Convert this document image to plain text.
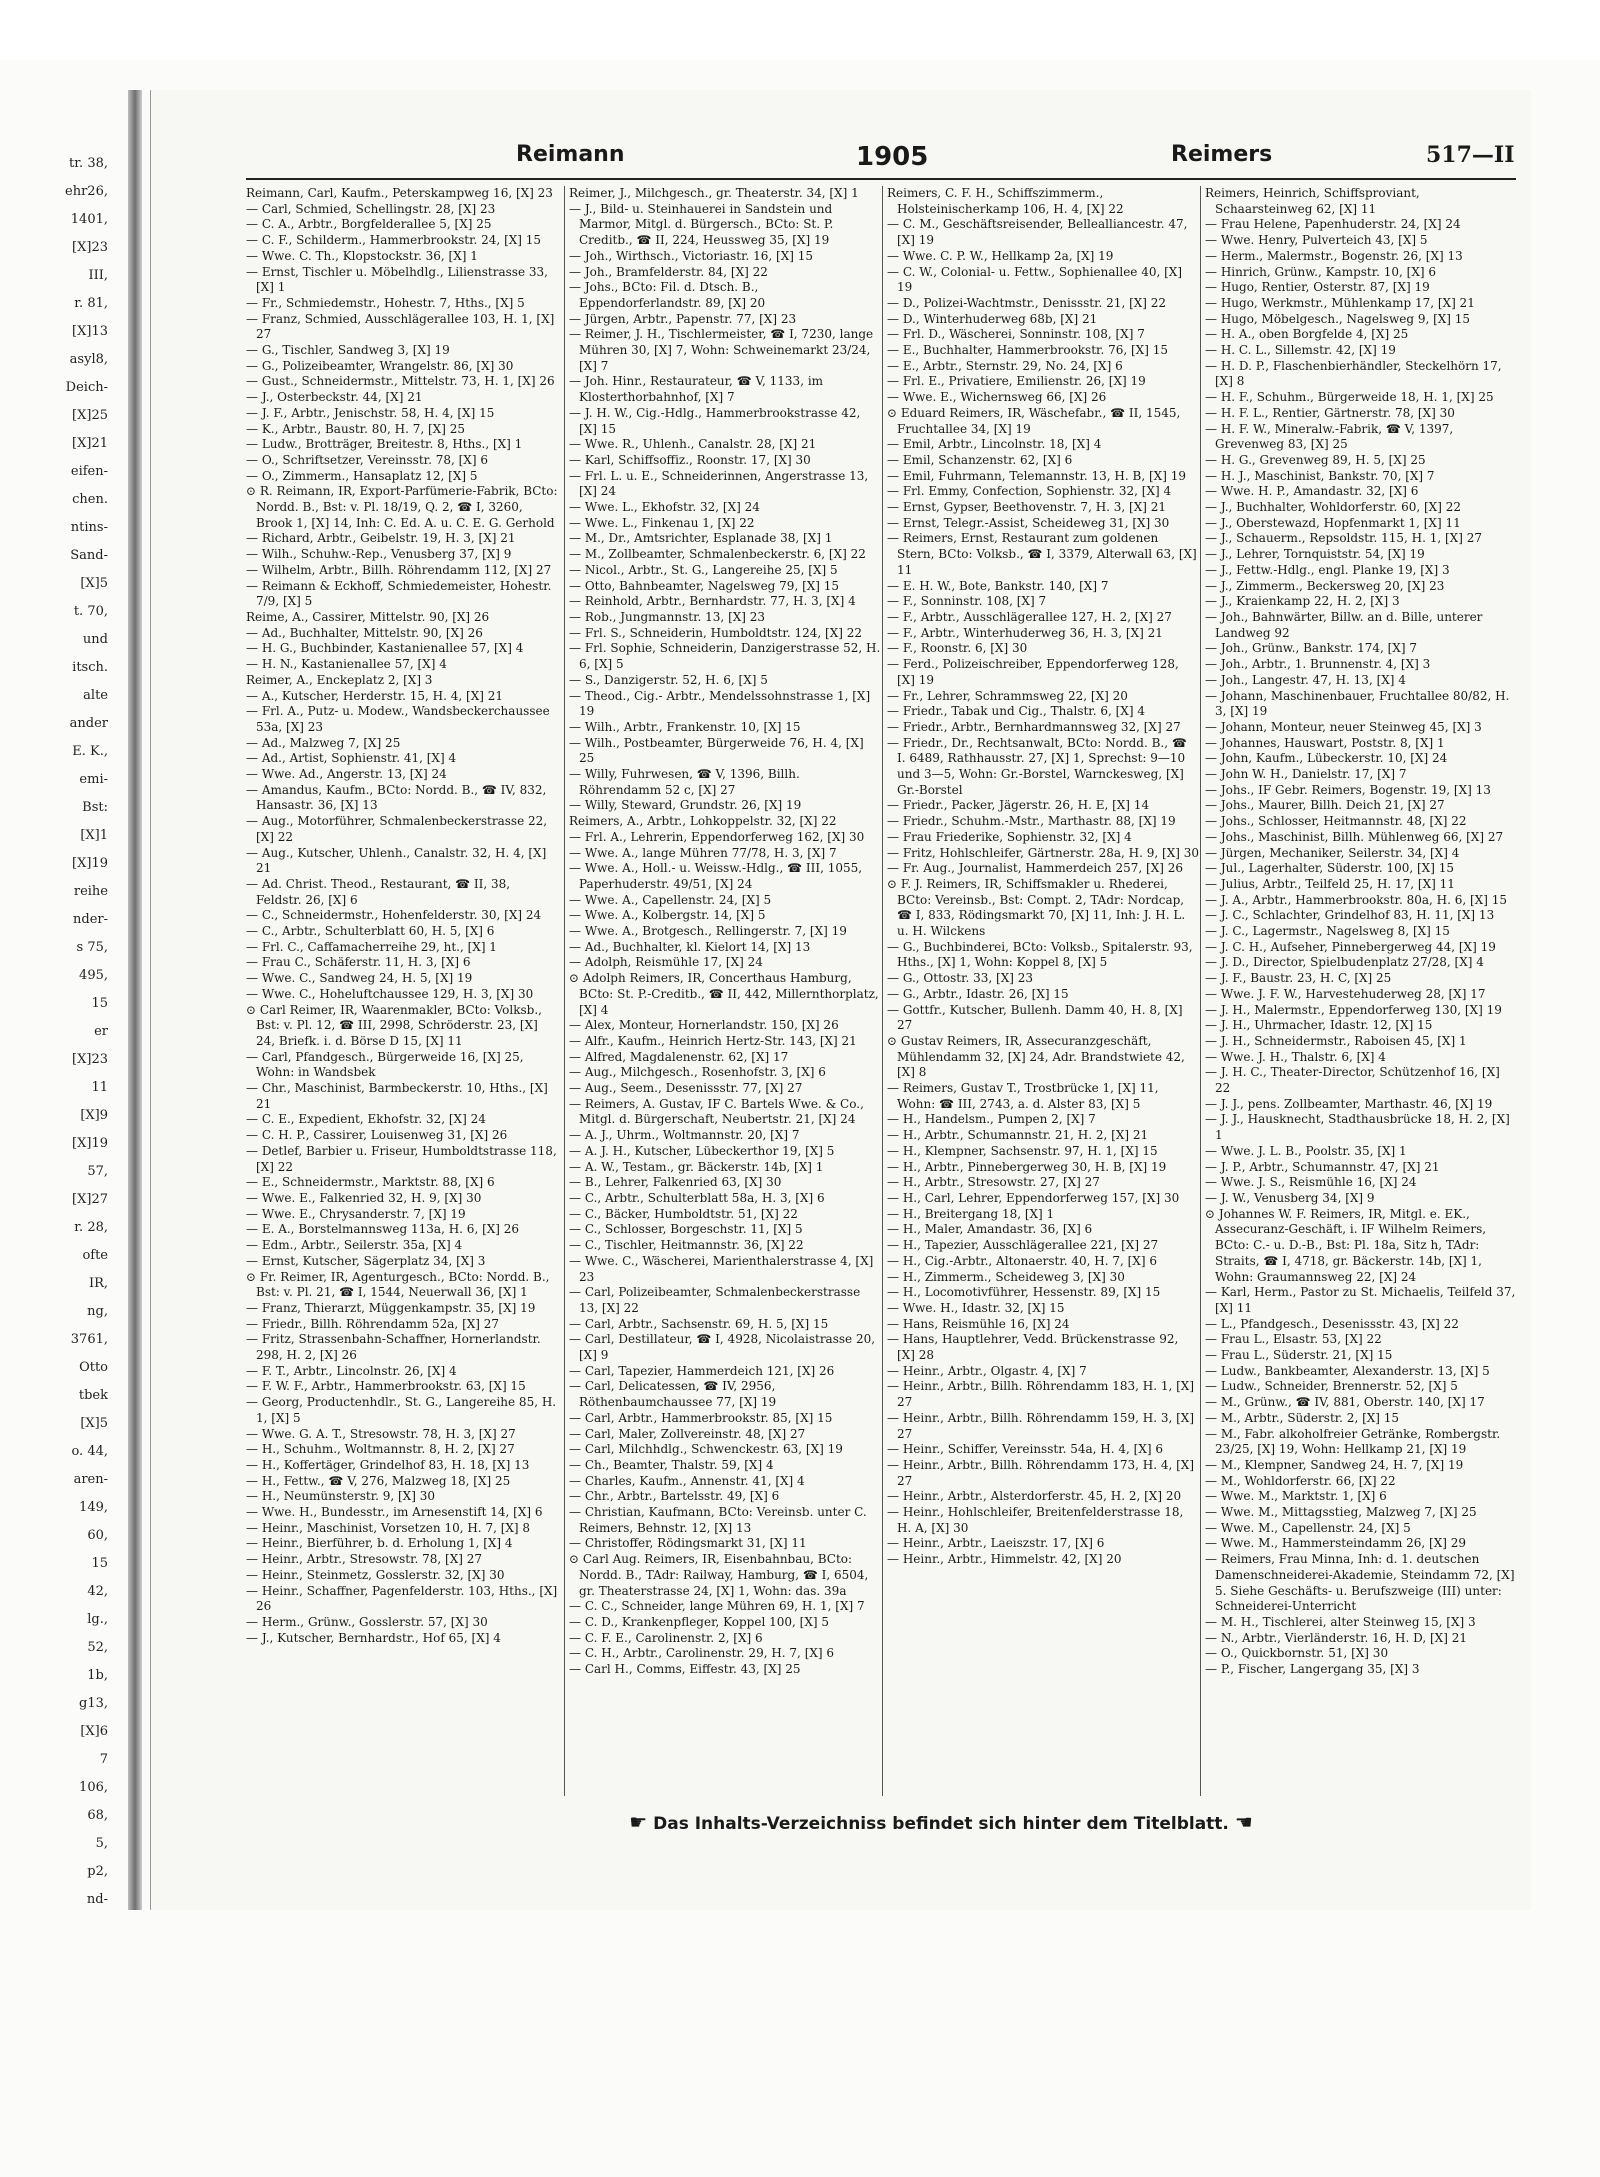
tr. 38,
ehr26,
1401,
[X]23
III,
r. 81,
[X]13
asyl8,
Deich-
[X]25
[X]21
eifen-
chen.
ntins-
Sand-
[X]5
t. 70,
und
itsch.
alte
ander
E. K.,
emi-
Bst:
[X]1
[X]19
reihe
nder-
s 75,
495,
15
er
[X]23
11
[X]9
[X]19
57,
[X]27
r. 28,
ofte
IR,
ng,
3761,
Otto
tbek
[X]5
o. 44,
aren-
149,
60,
15
42,
lg.,
52,
1b,
g13,
[X]6
7
106,
68,
5,
p2,
nd-
Reimann	1905	Reimers	517—II

Reimann, Carl, Kaufm., Peterskampweg 16, [X] 23

— Carl, Schmied, Schellingstr. 28, [X] 23

— C. A., Arbtr., Borgfelderallee 5, [X] 25

— C. F., Schilderm., Hammerbrookstr. 24, [X] 15

— Wwe. C. Th., Klopstockstr. 36, [X] 1

— Ernst, Tischler u. Möbelhdlg., Lilienstrasse 33, [X] 1

— Fr., Schmiedemstr., Hohestr. 7, Hths., [X] 5

— Franz, Schmied, Ausschlägerallee 103, H. 1, [X] 27

— G., Tischler, Sandweg 3, [X] 19

— G., Polizeibeamter, Wrangelstr. 86, [X] 30

— Gust., Schneidermstr., Mittelstr. 73, H. 1, [X] 26

— J., Osterbeckstr. 44, [X] 21

— J. F., Arbtr., Jenischstr. 58, H. 4, [X] 15

— K., Arbtr., Baustr. 80, H. 7, [X] 25

— Ludw., Brotträger, Breitestr. 8, Hths., [X] 1

— O., Schriftsetzer, Vereinsstr. 78, [X] 6

— O., Zimmerm., Hansaplatz 12, [X] 5

⊙ R. Reimann, IR, Export-Parfümerie-Fabrik, BCto: Nordd. B., Bst: v. Pl. 18/19, Q. 2, ☎ I, 3260, Brook 1, [X] 14, Inh: C. Ed. A. u. C. E. G. Gerhold

— Richard, Arbtr., Geibelstr. 19, H. 3, [X] 21

— Wilh., Schuhw.-Rep., Venusberg 37, [X] 9

— Wilhelm, Arbtr., Billh. Röhrendamm 112, [X] 27

— Reimann & Eckhoff, Schmiedemeister, Hohestr. 7/9, [X] 5

Reime, A., Cassirer, Mittelstr. 90, [X] 26

— Ad., Buchhalter, Mittelstr. 90, [X] 26

— H. G., Buchbinder, Kastanienallee 57, [X] 4

— H. N., Kastanienallee 57, [X] 4

Reimer, A., Enckeplatz 2, [X] 3

— A., Kutscher, Herderstr. 15, H. 4, [X] 21

— Frl. A., Putz- u. Modew., Wandsbeckerchaussee 53a, [X] 23

— Ad., Malzweg 7, [X] 25

— Ad., Artist, Sophienstr. 41, [X] 4

— Wwe. Ad., Angerstr. 13, [X] 24

— Amandus, Kaufm., BCto: Nordd. B., ☎ IV, 832, Hansastr. 36, [X] 13

— Aug., Motorführer, Schmalenbeckerstrasse 22, [X] 22

— Aug., Kutscher, Uhlenh., Canalstr. 32, H. 4, [X] 21

— Ad. Christ. Theod., Restaurant, ☎ II, 38, Feldstr. 26, [X] 6

— C., Schneidermstr., Hohenfelderstr. 30, [X] 24

— C., Arbtr., Schulterblatt 60, H. 5, [X] 6

— Frl. C., Caffamacherreihe 29, ht., [X] 1

— Frau C., Schäferstr. 11, H. 3, [X] 6

— Wwe. C., Sandweg 24, H. 5, [X] 19

— Wwe. C., Hoheluftchaussee 129, H. 3, [X] 30

⊙ Carl Reimer, IR, Waarenmakler, BCto: Volksb., Bst: v. Pl. 12, ☎ III, 2998, Schröderstr. 23, [X] 24, Briefk. i. d. Börse D 15, [X] 11

— Carl, Pfandgesch., Bürgerweide 16, [X] 25, Wohn: in Wandsbek

— Chr., Maschinist, Barmbeckerstr. 10, Hths., [X] 21

— C. E., Expedient, Ekhofstr. 32, [X] 24

— C. H. P., Cassirer, Louisenweg 31, [X] 26

— Detlef, Barbier u. Friseur, Humboldtstrasse 118, [X] 22

— E., Schneidermstr., Marktstr. 88, [X] 6

— Wwe. E., Falkenried 32, H. 9, [X] 30

— Wwe. E., Chrysanderstr. 7, [X] 19

— E. A., Borstelmannsweg 113a, H. 6, [X] 26

— Edm., Arbtr., Seilerstr. 35a, [X] 4

— Ernst, Kutscher, Sägerplatz 34, [X] 3

⊙ Fr. Reimer, IR, Agenturgesch., BCto: Nordd. B., Bst: v. Pl. 21, ☎ I, 1544, Neuerwall 36, [X] 1

— Franz, Thierarzt, Müggenkampstr. 35, [X] 19

— Friedr., Billh. Röhrendamm 52a, [X] 27

— Fritz, Strassenbahn-Schaffner, Hornerlandstr. 298, H. 2, [X] 26

— F. T., Arbtr., Lincolnstr. 26, [X] 4

— F. W. F., Arbtr., Hammerbrookstr. 63, [X] 15

— Georg, Productenhdlr., St. G., Langereihe 85, H. 1, [X] 5

— Wwe. G. A. T., Stresowstr. 78, H. 3, [X] 27

— H., Schuhm., Woltmannstr. 8, H. 2, [X] 27

— H., Koffertäger, Grindelhof 83, H. 18, [X] 13

— H., Fettw., ☎ V, 276, Malzweg 18, [X] 25

— H., Neumünsterstr. 9, [X] 30

— Wwe. H., Bundesstr., im Arnesenstift 14, [X] 6

— Heinr., Maschinist, Vorsetzen 10, H. 7, [X] 8

— Heinr., Bierführer, b. d. Erholung 1, [X] 4

— Heinr., Arbtr., Stresowstr. 78, [X] 27

— Heinr., Steinmetz, Gosslerstr. 32, [X] 30

— Heinr., Schaffner, Pagenfelderstr. 103, Hths., [X] 26

— Herm., Grünw., Gosslerstr. 57, [X] 30

— J., Kutscher, Bernhardstr., Hof 65, [X] 4

Reimer, J., Milchgesch., gr. Theaterstr. 34, [X] 1

— J., Bild- u. Steinhauerei in Sandstein und Marmor, Mitgl. d. Bürgersch., BCto: St. P. Creditb., ☎ II, 224, Heussweg 35, [X] 19

— Joh., Wirthsch., Victoriastr. 16, [X] 15

— Joh., Bramfelderstr. 84, [X] 22

— Johs., BCto: Fil. d. Dtsch. B., Eppendorferlandstr. 89, [X] 20

— Jürgen, Arbtr., Papenstr. 77, [X] 23

— Reimer, J. H., Tischlermeister, ☎ I, 7230, lange Mühren 30, [X] 7, Wohn: Schweinemarkt 23/24, [X] 7

— Joh. Hinr., Restaurateur, ☎ V, 1133, im Klosterthorbahnhof, [X] 7

— J. H. W., Cig.-Hdlg., Hammerbrookstrasse 42, [X] 15

— Wwe. R., Uhlenh., Canalstr. 28, [X] 21

— Karl, Schiffsoffiz., Roonstr. 17, [X] 30

— Frl. L. u. E., Schneiderinnen, Angerstrasse 13, [X] 24

— Wwe. L., Ekhofstr. 32, [X] 24

— Wwe. L., Finkenau 1, [X] 22

— M., Dr., Amtsrichter, Esplanade 38, [X] 1

— M., Zollbeamter, Schmalenbeckerstr. 6, [X] 22

— Nicol., Arbtr., St. G., Langereihe 25, [X] 5

— Otto, Bahnbeamter, Nagelsweg 79, [X] 15

— Reinhold, Arbtr., Bernhardstr. 77, H. 3, [X] 4

— Rob., Jungmannstr. 13, [X] 23

— Frl. S., Schneiderin, Humboldtstr. 124, [X] 22

— Frl. Sophie, Schneiderin, Danzigerstrasse 52, H. 6, [X] 5

— S., Danzigerstr. 52, H. 6, [X] 5

— Theod., Cig.- Arbtr., Mendelssohnstrasse 1, [X] 19

— Wilh., Arbtr., Frankenstr. 10, [X] 15

— Wilh., Postbeamter, Bürgerweide 76, H. 4, [X] 25

— Willy, Fuhrwesen, ☎ V, 1396, Billh. Röhrendamm 52 c, [X] 27

— Willy, Steward, Grundstr. 26, [X] 19

Reimers, A., Arbtr., Lohkoppelstr. 32, [X] 22

— Frl. A., Lehrerin, Eppendorferweg 162, [X] 30

— Wwe. A., lange Mühren 77/78, H. 3, [X] 7

— Wwe. A., Holl.- u. Weissw.-Hdlg., ☎ III, 1055, Paperhuderstr. 49/51, [X] 24

— Wwe. A., Capellenstr. 24, [X] 5

— Wwe. A., Kolbergstr. 14, [X] 5

— Wwe. A., Brotgesch., Rellingerstr. 7, [X] 19

— Ad., Buchhalter, kl. Kielort 14, [X] 13

— Adolph, Reismühle 17, [X] 24

⊙ Adolph Reimers, IR, Concerthaus Hamburg, BCto: St. P.-Creditb., ☎ II, 442, Millernthorplatz, [X] 4

— Alex, Monteur, Hornerlandstr. 150, [X] 26

— Alfr., Kaufm., Heinrich Hertz-Str. 143, [X] 21

— Alfred, Magdalenenstr. 62, [X] 17

— Aug., Milchgesch., Rosenhofstr. 3, [X] 6

— Aug., Seem., Desenissstr. 77, [X] 27

— Reimers, A. Gustav, IF C. Bartels Wwe. & Co., Mitgl. d. Bürgerschaft, Neubertstr. 21, [X] 24

— A. J., Uhrm., Woltmannstr. 20, [X] 7

— A. J. H., Kutscher, Lübeckerthor 19, [X] 5

— A. W., Testam., gr. Bäckerstr. 14b, [X] 1

— B., Lehrer, Falkenried 63, [X] 30

— C., Arbtr., Schulterblatt 58a, H. 3, [X] 6

— C., Bäcker, Humboldtstr. 51, [X] 22

— C., Schlosser, Borgeschstr. 11, [X] 5

— C., Tischler, Heitmannstr. 36, [X] 22

— Wwe. C., Wäscherei, Marienthalerstrasse 4, [X] 23

— Carl, Polizeibeamter, Schmalenbeckerstrasse 13, [X] 22

— Carl, Arbtr., Sachsenstr. 69, H. 5, [X] 15

— Carl, Destillateur, ☎ I, 4928, Nicolaistrasse 20, [X] 9

— Carl, Tapezier, Hammerdeich 121, [X] 26

— Carl, Delicatessen, ☎ IV, 2956, Röthenbaumchaussee 77, [X] 19

— Carl, Arbtr., Hammerbrookstr. 85, [X] 15

— Carl, Maler, Zollvereinstr. 48, [X] 27

— Carl, Milchhdlg., Schwenckestr. 63, [X] 19

— Ch., Beamter, Thalstr. 59, [X] 4

— Charles, Kaufm., Annenstr. 41, [X] 4

— Chr., Arbtr., Bartelsstr. 49, [X] 6

— Christian, Kaufmann, BCto: Vereinsb. unter C. Reimers, Behnstr. 12, [X] 13

— Christoffer, Rödingsmarkt 31, [X] 11

⊙ Carl Aug. Reimers, IR, Eisenbahnbau, BCto: Nordd. B., TAdr: Railway, Hamburg, ☎ I, 6504, gr. Theaterstrasse 24, [X] 1, Wohn: das. 39a

— C. C., Schneider, lange Mühren 69, H. 1, [X] 7

— C. D., Krankenpfleger, Koppel 100, [X] 5

— C. F. E., Carolinenstr. 2, [X] 6

— C. H., Arbtr., Carolinenstr. 29, H. 7, [X] 6

— Carl H., Comms, Eiffestr. 43, [X] 25

Reimers, C. F. H., Schiffszimmerm., Holsteinischerkamp 106, H. 4, [X] 22

— C. M., Geschäftsreisender, Bellealliancestr. 47, [X] 19

— Wwe. C. P. W., Hellkamp 2a, [X] 19

— C. W., Colonial- u. Fettw., Sophienallee 40, [X] 19

— D., Polizei-Wachtmstr., Denissstr. 21, [X] 22

— D., Winterhuderweg 68b, [X] 21

— Frl. D., Wäscherei, Sonninstr. 108, [X] 7

— E., Buchhalter, Hammerbrookstr. 76, [X] 15

— E., Arbtr., Sternstr. 29, No. 24, [X] 6

— Frl. E., Privatiere, Emilienstr. 26, [X] 19

— Wwe. E., Wichernsweg 66, [X] 26

⊙ Eduard Reimers, IR, Wäschefabr., ☎ II, 1545, Fruchtallee 34, [X] 19

— Emil, Arbtr., Lincolnstr. 18, [X] 4

— Emil, Schanzenstr. 62, [X] 6

— Emil, Fuhrmann, Telemannstr. 13, H. B, [X] 19

— Frl. Emmy, Confection, Sophienstr. 32, [X] 4

— Ernst, Gypser, Beethovenstr. 7, H. 3, [X] 21

— Ernst, Telegr.-Assist, Scheideweg 31, [X] 30

— Reimers, Ernst, Restaurant zum goldenen Stern, BCto: Volksb., ☎ I, 3379, Alterwall 63, [X] 11

— E. H. W., Bote, Bankstr. 140, [X] 7

— F., Sonninstr. 108, [X] 7

— F., Arbtr., Ausschlägerallee 127, H. 2, [X] 27

— F., Arbtr., Winterhuderweg 36, H. 3, [X] 21

— F., Roonstr. 6, [X] 30

— Ferd., Polizeischreiber, Eppendorferweg 128, [X] 19

— Fr., Lehrer, Schrammsweg 22, [X] 20

— Friedr., Tabak und Cig., Thalstr. 6, [X] 4

— Friedr., Arbtr., Bernhardmannsweg 32, [X] 27

— Friedr., Dr., Rechtsanwalt, BCto: Nordd. B., ☎ I. 6489, Rathhausstr. 27, [X] 1, Sprechst: 9—10 und 3—5, Wohn: Gr.-Borstel, Warnckesweg, [X] Gr.-Borstel

— Friedr., Packer, Jägerstr. 26, H. E, [X] 14

— Friedr., Schuhm.-Mstr., Marthastr. 88, [X] 19

— Frau Friederike, Sophienstr. 32, [X] 4

— Fritz, Hohlschleifer, Gärtnerstr. 28a, H. 9, [X] 30

— Fr. Aug., Journalist, Hammerdeich 257, [X] 26

⊙ F. J. Reimers, IR, Schiffsmakler u. Rhederei, BCto: Vereinsb., Bst: Compt. 2, TAdr: Nordcap, ☎ I, 833, Rödingsmarkt 70, [X] 11, Inh: J. H. L. u. H. Wilckens

— G., Buchbinderei, BCto: Volksb., Spitalerstr. 93, Hths., [X] 1, Wohn: Koppel 8, [X] 5

— G., Ottostr. 33, [X] 23

— G., Arbtr., Idastr. 26, [X] 15

— Gottfr., Kutscher, Bullenh. Damm 40, H. 8, [X] 27

⊙ Gustav Reimers, IR, Assecuranzgeschäft, Mühlendamm 32, [X] 24, Adr. Brandstwiete 42, [X] 8

— Reimers, Gustav T., Trostbrücke 1, [X] 11, Wohn: ☎ III, 2743, a. d. Alster 83, [X] 5

— H., Handelsm., Pumpen 2, [X] 7

— H., Arbtr., Schumannstr. 21, H. 2, [X] 21

— H., Klempner, Sachsenstr. 97, H. 1, [X] 15

— H., Arbtr., Pinnebergerweg 30, H. B, [X] 19

— H., Arbtr., Stresowstr. 27, [X] 27

— H., Carl, Lehrer, Eppendorferweg 157, [X] 30

— H., Breitergang 18, [X] 1

— H., Maler, Amandastr. 36, [X] 6

— H., Tapezier, Ausschlägerallee 221, [X] 27

— H., Cig.-Arbtr., Altonaerstr. 40, H. 7, [X] 6

— H., Zimmerm., Scheideweg 3, [X] 30

— H., Locomotivführer, Hessenstr. 89, [X] 15

— Wwe. H., Idastr. 32, [X] 15

— Hans, Reismühle 16, [X] 24

— Hans, Hauptlehrer, Vedd. Brückenstrasse 92, [X] 28

— Heinr., Arbtr., Olgastr. 4, [X] 7

— Heinr., Arbtr., Billh. Röhrendamm 183, H. 1, [X] 27

— Heinr., Arbtr., Billh. Röhrendamm 159, H. 3, [X] 27

— Heinr., Schiffer, Vereinsstr. 54a, H. 4, [X] 6

— Heinr., Arbtr., Billh. Röhrendamm 173, H. 4, [X] 27

— Heinr., Arbtr., Alsterdorferstr. 45, H. 2, [X] 20

— Heinr., Hohlschleifer, Breitenfelderstrasse 18, H. A, [X] 30

— Heinr., Arbtr., Laeiszstr. 17, [X] 6

— Heinr., Arbtr., Himmelstr. 42, [X] 20

Reimers, Heinrich, Schiffsproviant, Schaarsteinweg 62, [X] 11

— Frau Helene, Papenhuderstr. 24, [X] 24

— Wwe. Henry, Pulverteich 43, [X] 5

— Herm., Malermstr., Bogenstr. 26, [X] 13

— Hinrich, Grünw., Kampstr. 10, [X] 6

— Hugo, Rentier, Osterstr. 87, [X] 19

— Hugo, Werkmstr., Mühlenkamp 17, [X] 21

— Hugo, Möbelgesch., Nagelsweg 9, [X] 15

— H. A., oben Borgfelde 4, [X] 25

— H. C. L., Sillemstr. 42, [X] 19

— H. D. P., Flaschenbierhändler, Steckelhörn 17, [X] 8

— H. F., Schuhm., Bürgerweide 18, H. 1, [X] 25

— H. F. L., Rentier, Gärtnerstr. 78, [X] 30

— H. F. W., Mineralw.-Fabrik, ☎ V, 1397, Grevenweg 83, [X] 25

— H. G., Grevenweg 89, H. 5, [X] 25

— H. J., Maschinist, Bankstr. 70, [X] 7

— Wwe. H. P., Amandastr. 32, [X] 6

— J., Buchhalter, Wohldorferstr. 60, [X] 22

— J., Oberstewazd, Hopfenmarkt 1, [X] 11

— J., Schauerm., Repsoldstr. 115, H. 1, [X] 27

— J., Lehrer, Tornquiststr. 54, [X] 19

— J., Fettw.-Hdlg., engl. Planke 19, [X] 3

— J., Zimmerm., Beckersweg 20, [X] 23

— J., Kraienkamp 22, H. 2, [X] 3

— Joh., Bahnwärter, Billw. an d. Bille, unterer Landweg 92

— Joh., Grünw., Bankstr. 174, [X] 7

— Joh., Arbtr., 1. Brunnenstr. 4, [X] 3

— Joh., Langestr. 47, H. 13, [X] 4

— Johann, Maschinenbauer, Fruchtallee 80/82, H. 3, [X] 19

— Johann, Monteur, neuer Steinweg 45, [X] 3

— Johannes, Hauswart, Poststr. 8, [X] 1

— John, Kaufm., Lübeckerstr. 10, [X] 24

— John W. H., Danielstr. 17, [X] 7

— Johs., IF Gebr. Reimers, Bogenstr. 19, [X] 13

— Johs., Maurer, Billh. Deich 21, [X] 27

— Johs., Schlosser, Heitmannstr. 48, [X] 22

— Johs., Maschinist, Billh. Mühlenweg 66, [X] 27

— Jürgen, Mechaniker, Seilerstr. 34, [X] 4

— Jul., Lagerhalter, Süderstr. 100, [X] 15

— Julius, Arbtr., Teilfeld 25, H. 17, [X] 11

— J. A., Arbtr., Hammerbrookstr. 80a, H. 6, [X] 15

— J. C., Schlachter, Grindelhof 83, H. 11, [X] 13

— J. C., Lagermstr., Nagelsweg 8, [X] 15

— J. C. H., Aufseher, Pinnebergerweg 44, [X] 19

— J. D., Director, Spielbudenplatz 27/28, [X] 4

— J. F., Baustr. 23, H. C, [X] 25

— Wwe. J. F. W., Harvestehuderweg 28, [X] 17

— J. H., Malermstr., Eppendorferweg 130, [X] 19

— J. H., Uhrmacher, Idastr. 12, [X] 15

— J. H., Schneidermstr., Raboisen 45, [X] 1

— Wwe. J. H., Thalstr. 6, [X] 4

— J. H. C., Theater-Director, Schützenhof 16, [X] 22

— J. J., pens. Zollbeamter, Marthastr. 46, [X] 19

— J. J., Hausknecht, Stadthausbrücke 18, H. 2, [X] 1

— Wwe. J. L. B., Poolstr. 35, [X] 1

— J. P., Arbtr., Schumannstr. 47, [X] 21

— Wwe. J. S., Reismühle 16, [X] 24

— J. W., Venusberg 34, [X] 9

⊙ Johannes W. F. Reimers, IR, Mitgl. e. EK., Assecuranz-Geschäft, i. IF Wilhelm Reimers, BCto: C.- u. D.-B., Bst: Pl. 18a, Sitz h, TAdr: Straits, ☎ I, 4718, gr. Bäckerstr. 14b, [X] 1, Wohn: Graumannsweg 22, [X] 24

— Karl, Herm., Pastor zu St. Michaelis, Teilfeld 37, [X] 11

— L., Pfandgesch., Desenissstr. 43, [X] 22

— Frau L., Elsastr. 53, [X] 22

— Frau L., Süderstr. 21, [X] 15

— Ludw., Bankbeamter, Alexanderstr. 13, [X] 5

— Ludw., Schneider, Brennerstr. 52, [X] 5

— M., Grünw., ☎ IV, 881, Oberstr. 140, [X] 17

— M., Arbtr., Süderstr. 2, [X] 15

— M., Fabr. alkoholfreier Getränke, Rombergstr. 23/25, [X] 19, Wohn: Hellkamp 21, [X] 19

— M., Klempner, Sandweg 24, H. 7, [X] 19

— M., Wohldorferstr. 66, [X] 22

— Wwe. M., Marktstr. 1, [X] 6

— Wwe. M., Mittagsstieg, Malzweg 7, [X] 25

— Wwe. M., Capellenstr. 24, [X] 5

— Wwe. M., Hammersteindamm 26, [X] 29

— Reimers, Frau Minna, Inh: d. 1. deutschen Damenschneiderei-Akademie, Steindamm 72, [X] 5. Siehe Geschäfts- u. Berufszweige (III) unter: Schneiderei-Unterricht

— M. H., Tischlerei, alter Steinweg 15, [X] 3

— N., Arbtr., Vierländerstr. 16, H. D, [X] 21

— O., Quickbornstr. 51, [X] 30

— P., Fischer, Langergang 35, [X] 3

☛ Das Inhalts-Verzeichniss befindet sich hinter dem Titelblatt. ☚
